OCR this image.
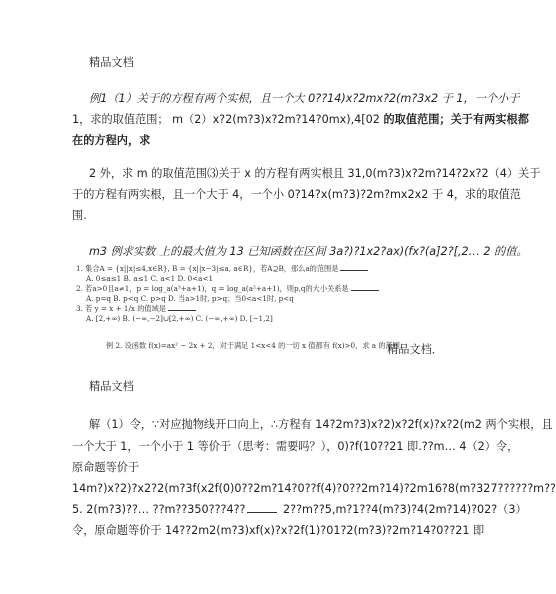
精品文档
例1（1）关于的方程有两个实根，且一个大 0??14)x?2mx?2(m?3x2 于 1，一个小于
1，求的取值范围； m（2）x?2(m?3)x?2m?14?0mx),4[02 的取值范围；关于有两实根都
在的方程内，求
2 外，求 m 的取值范围⑶关于 x 的方程有两实根且 31,0(m?3)x?2m?14?2x?2（4）关于
于的方程有两实根，且一个大于 4，一个小 0?14?x(m?3)?2m?mx2x2 于 4，求的取值范
围.
m3 例求实数 上的最大值为 13 已知函数在区间 3a?)?1x2?ax)(fx?(a]2?[,2… 2 的值。
1. 集合A = {x||x|≤4,x∈R}, B = {x||x−3|≤a, a∈R}，若A⊇B，那么a的范围是
A. 0≤a≤1 B. a≤1 C. a<1 D. 0<a<1
2. 若a>0且a≠1，p = log_a(a³+a+1)，q = log_a(a²+a+1)，则p,q的大小关系是
A. p=q B. p<q C. p>q D. 当a>1时, p>q；当0<a<1时, p<q
3. 若 y = x + 1/x 的值域是
A. [2,+∞) B. (−∞,−2]∪[2,+∞) C. (−∞,+∞) D. [−1,2]
例 2. 设函数 f(x)=ax² − 2x + 2，对于满足 1<x<4 的一切 x 值都有 f(x)>0，求 a 的范围。
精品文档．
精品文档
解（1）令，∵对应抛物线开口向上，∴方程有 14?2m?3)x?2)x?2f(x)?x?2(m2 两个实根，且
一个大于 1，一个小于 1 等价于（思考：需要吗？），0)?f(10??21 即.??m… 4（2）令，
原命题等价于
14m?)x?2)?x2?2(m?3f(x2f(0)0??2m?14?0??f(4)?0??2m?14)?2m16?8(m?327??????m??
5. 2(m?3)??… ??m??350???4??	2??m??5,m?1??4(m?3)?4(2m?14)?02?（3）
令，原命题等价于 14??2m2(m?3)xf(x)?x?2f(1)?01?2(m?3)?2m?14?0??21 即
